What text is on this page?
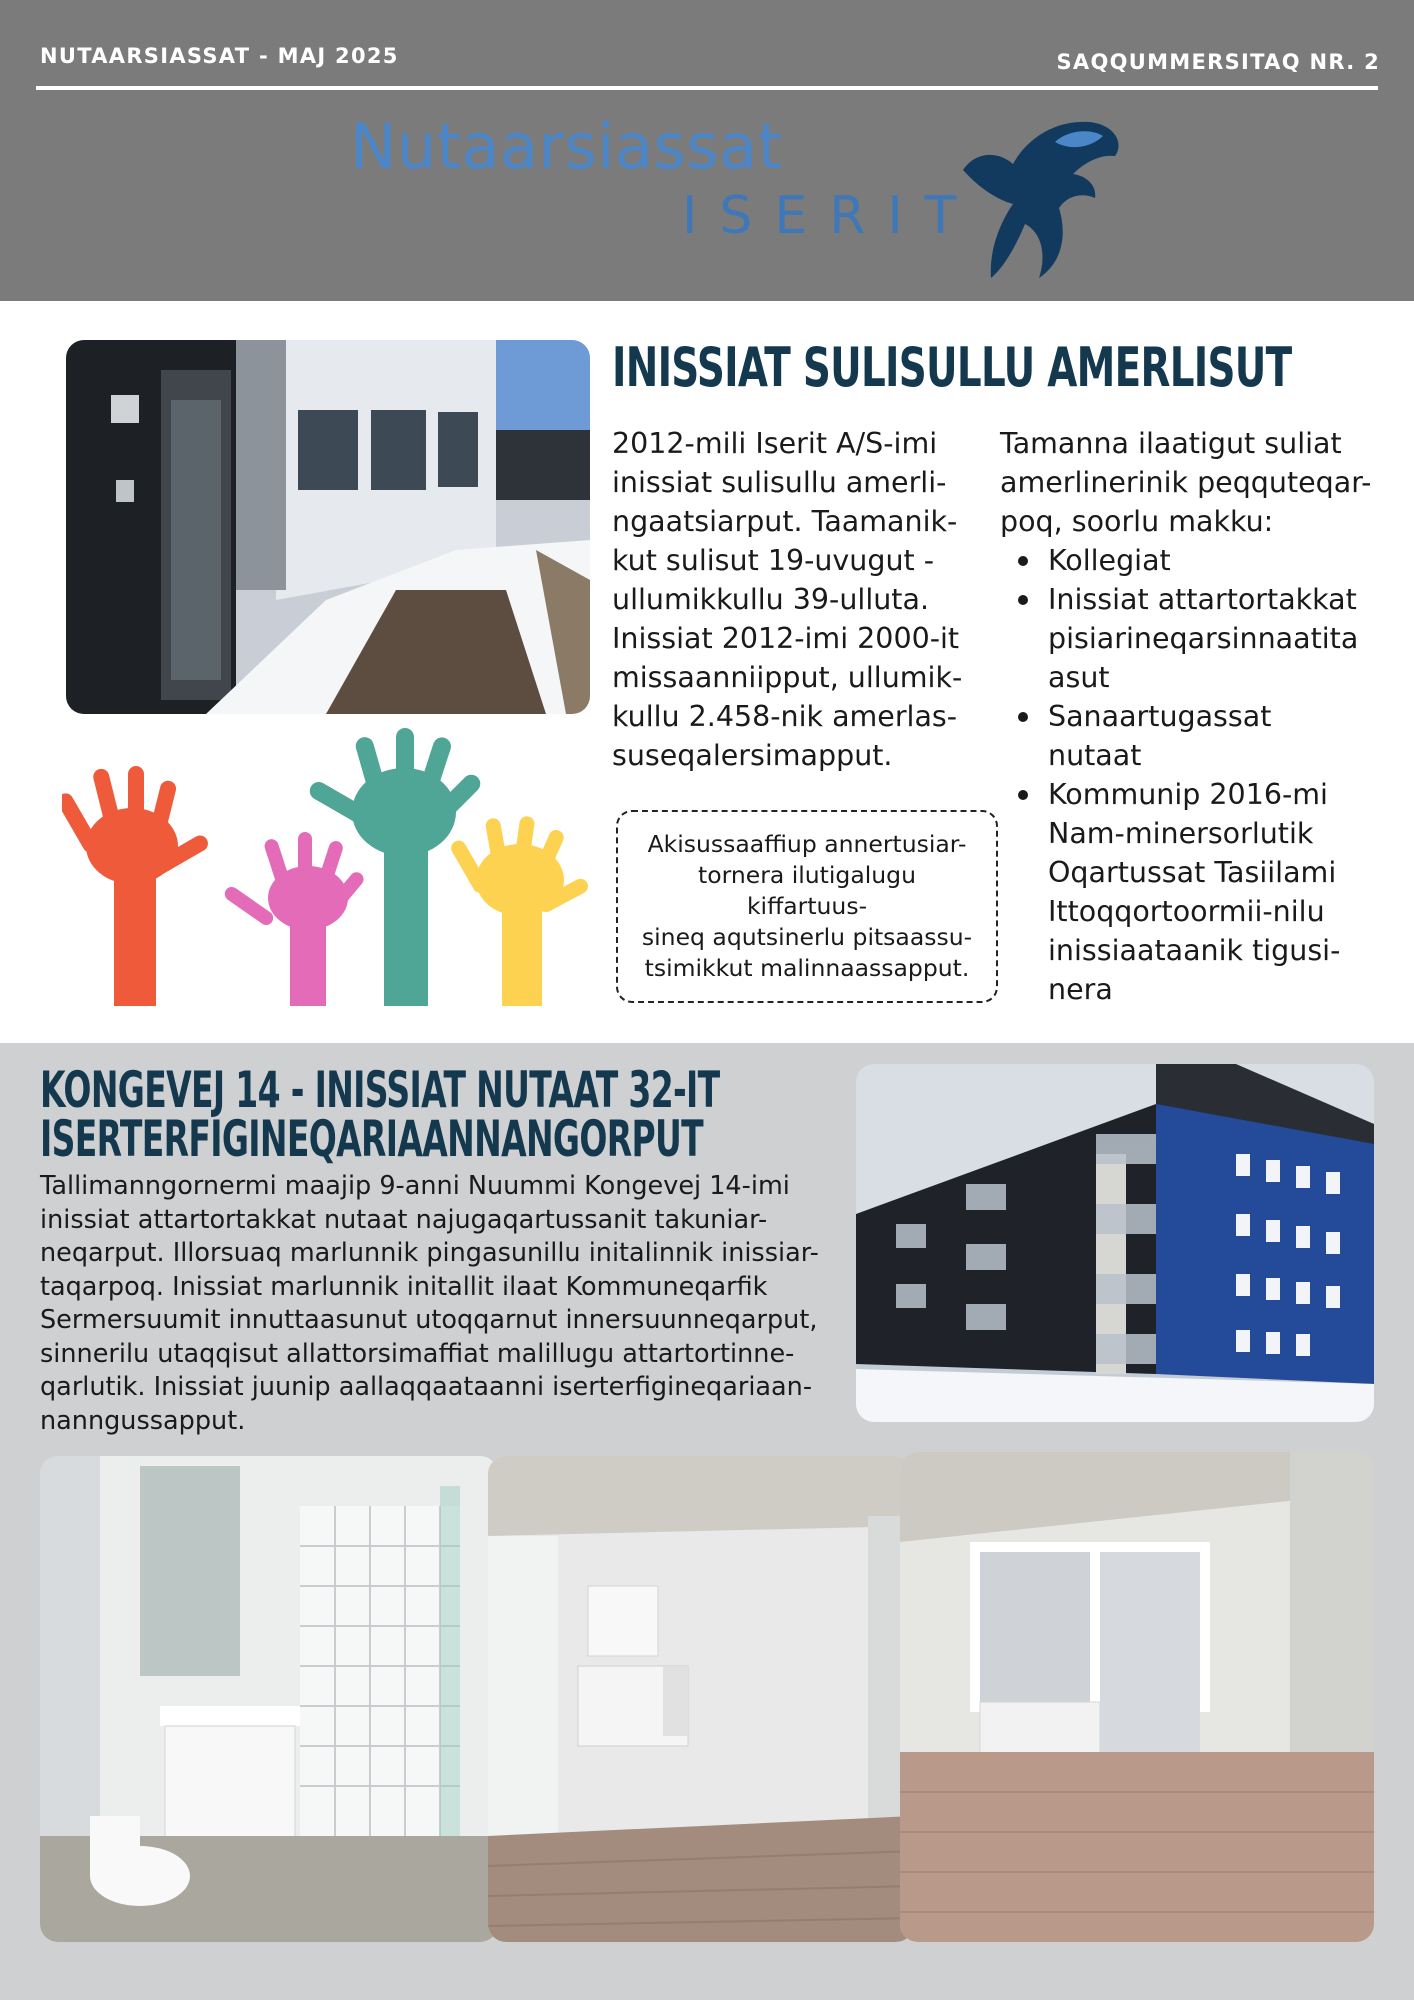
NUTAARSIASSAT - MAJ 2025	SAQQUMMERSITAQ NR. 2
Nutaarsiassat
ISERIT
INISSIAT SULISULLU AMERLISUT
2012-mili Iserit A/S-imi
inissiat sulisullu amerli-
ngaatsiarput. Taamanik-
kut sulisut 19-uvugut -
ullumikkullu 39-ulluta.
Inissiat 2012-imi 2000-it
missaanniipput, ullumik-
kullu 2.458-nik amerlas-
suseqalersimapput.
Tamanna ilaatigut suliat
amerlinerinik peqquteqar-
poq, soorlu makku:
Kollegiat
Inissiat attartortakkat
pisiarineqarsinnaatita
asut
Sanaartugassat
nutaat
Kommunip 2016-mi
Nam-minersorlutik
Oqartussat Tasiilami
Ittoqqortoormii-nilu
inissiaataanik tigusi-
nera

Akisussaaffiup annertusiar-
tornera ilutigalugu kiffartuus-
sineq aqutsinerlu pitsaassu-
tsimikkut malinnaassapput.

KONGEVEJ 14 - INISSIAT NUTAAT 32-IT
ISERTERFIGINEQARIAANNANGORPUT
Tallimanngornermi maajip 9-anni Nuummi Kongevej 14-imi
inissiat attartortakkat nutaat najugaqartussanit takuniar-
neqarput. Illorsuaq marlunnik pingasunillu initalinnik inissiar-
taqarpoq. Inissiat marlunnik initallit ilaat Kommuneqarfik
Sermersuumit innuttaasunut utoqqarnut innersuunneqarput,
sinnerilu utaqqisut allattorsimaffiat malillugu attartortinne-
qarlutik. Inissiat juunip aallaqqaataanni iserterfigineqariaan-
nanngussapput.
